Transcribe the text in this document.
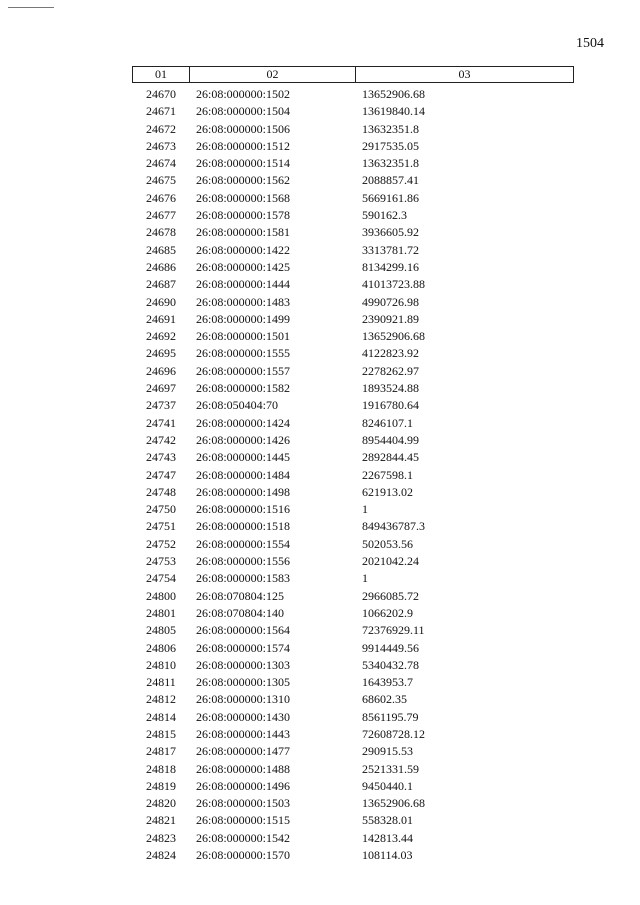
1504
01	02	03
24670	26:08:000000:1502	13652906.68
24671	26:08:000000:1504	13619840.14
24672	26:08:000000:1506	13632351.8
24673	26:08:000000:1512	2917535.05
24674	26:08:000000:1514	13632351.8
24675	26:08:000000:1562	2088857.41
24676	26:08:000000:1568	5669161.86
24677	26:08:000000:1578	590162.3
24678	26:08:000000:1581	3936605.92
24685	26:08:000000:1422	3313781.72
24686	26:08:000000:1425	8134299.16
24687	26:08:000000:1444	41013723.88
24690	26:08:000000:1483	4990726.98
24691	26:08:000000:1499	2390921.89
24692	26:08:000000:1501	13652906.68
24695	26:08:000000:1555	4122823.92
24696	26:08:000000:1557	2278262.97
24697	26:08:000000:1582	1893524.88
24737	26:08:050404:70	1916780.64
24741	26:08:000000:1424	8246107.1
24742	26:08:000000:1426	8954404.99
24743	26:08:000000:1445	2892844.45
24747	26:08:000000:1484	2267598.1
24748	26:08:000000:1498	621913.02
24750	26:08:000000:1516	1
24751	26:08:000000:1518	849436787.3
24752	26:08:000000:1554	502053.56
24753	26:08:000000:1556	2021042.24
24754	26:08:000000:1583	1
24800	26:08:070804:125	2966085.72
24801	26:08:070804:140	1066202.9
24805	26:08:000000:1564	72376929.11
24806	26:08:000000:1574	9914449.56
24810	26:08:000000:1303	5340432.78
24811	26:08:000000:1305	1643953.7
24812	26:08:000000:1310	68602.35
24814	26:08:000000:1430	8561195.79
24815	26:08:000000:1443	72608728.12
24817	26:08:000000:1477	290915.53
24818	26:08:000000:1488	2521331.59
24819	26:08:000000:1496	9450440.1
24820	26:08:000000:1503	13652906.68
24821	26:08:000000:1515	558328.01
24823	26:08:000000:1542	142813.44
24824	26:08:000000:1570	108114.03
